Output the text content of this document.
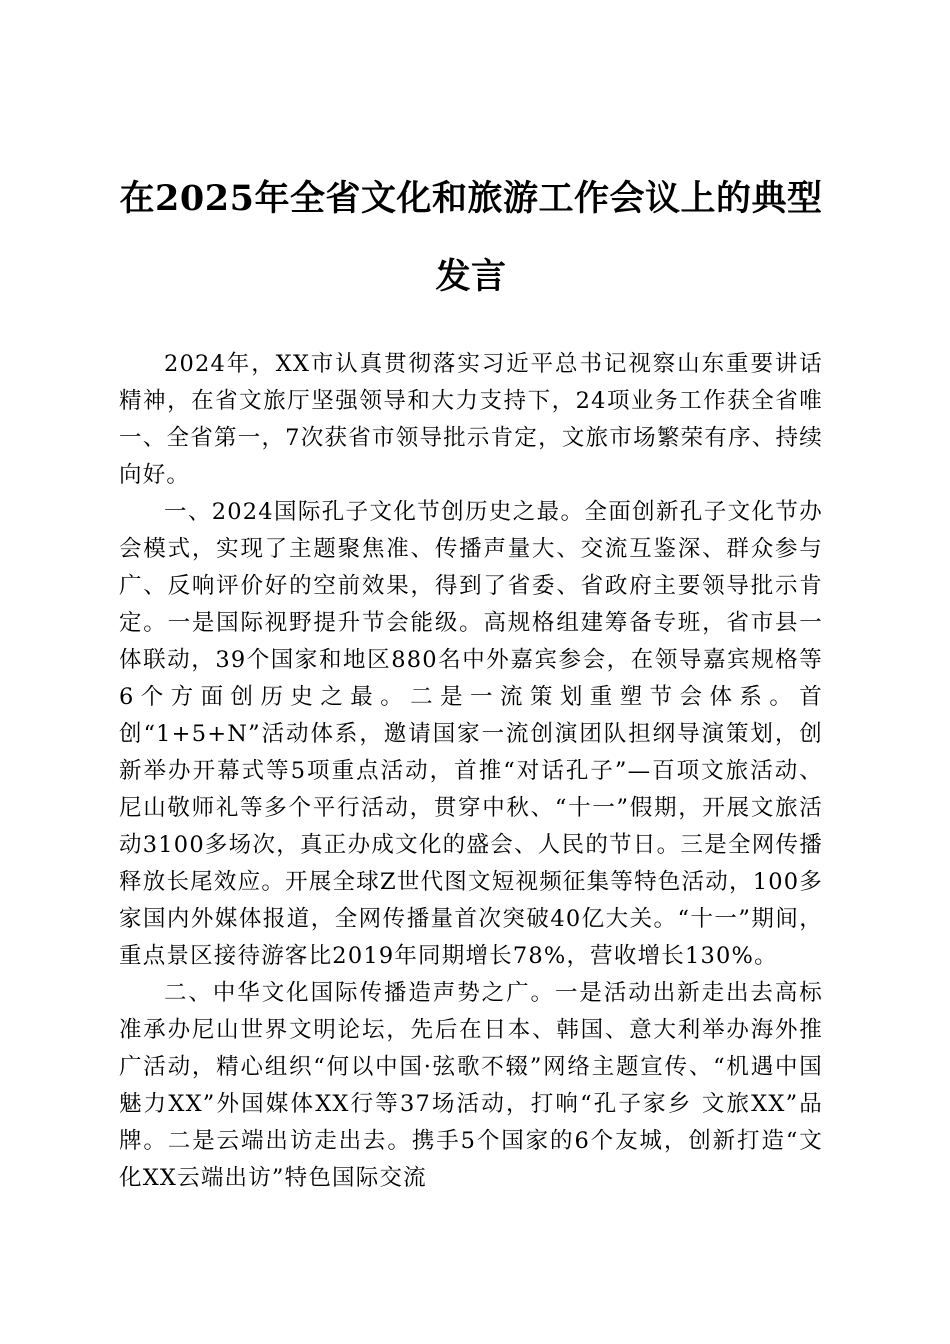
在2025年全省文化和旅游工作会议上的典型
发言

2024年，XX市认真贯彻落实习近平总书记视察山东重要讲话精神，在省文旅厅坚强领导和大力支持下，24项业务工作获全省唯一、全省第一，7次获省市领导批示肯定，文旅市场繁荣有序、持续向好。

一、2024国际孔子文化节创历史之最。全面创新孔子文化节办会模式，实现了主题聚焦准、传播声量大、交流互鉴深、群众参与广、反响评价好的空前效果，得到了省委、省政府主要领导批示肯定。一是国际视野提升节会能级。高规格组建筹备专班，省市县一体联动，39个国家和地区880名中外嘉宾参会，在领导嘉宾规格等6个方面创历史之最。二是一流策划重塑节会体系。首创“1+5+N”活动体系，邀请国家一流创演团队担纲导演策划，创新举办开幕式等5项重点活动，首推“对话孔子”—百项文旅活动、尼山敬师礼等多个平行活动，贯穿中秋、“十一”假期，开展文旅活动3100多场次，真正办成文化的盛会、人民的节日。三是全网传播释放长尾效应。开展全球Z世代图文短视频征集等特色活动，100多家国内外媒体报道，全网传播量首次突破40亿大关。“十一”期间，重点景区接待游客比2019年同期增长78%，营收增长130%。

二、中华文化国际传播造声势之广。一是活动出新走出去高标准承办尼山世界文明论坛，先后在日本、韩国、意大利举办海外推广活动，精心组织“何以中国·弦歌不辍”网络主题宣传、“机遇中国 魅力XX”外国媒体XX行等37场活动，打响“孔子家乡 文旅XX”品牌。二是云端出访走出去。携手5个国家的6个友城，创新打造“文化XX云端出访”特色国际交流
